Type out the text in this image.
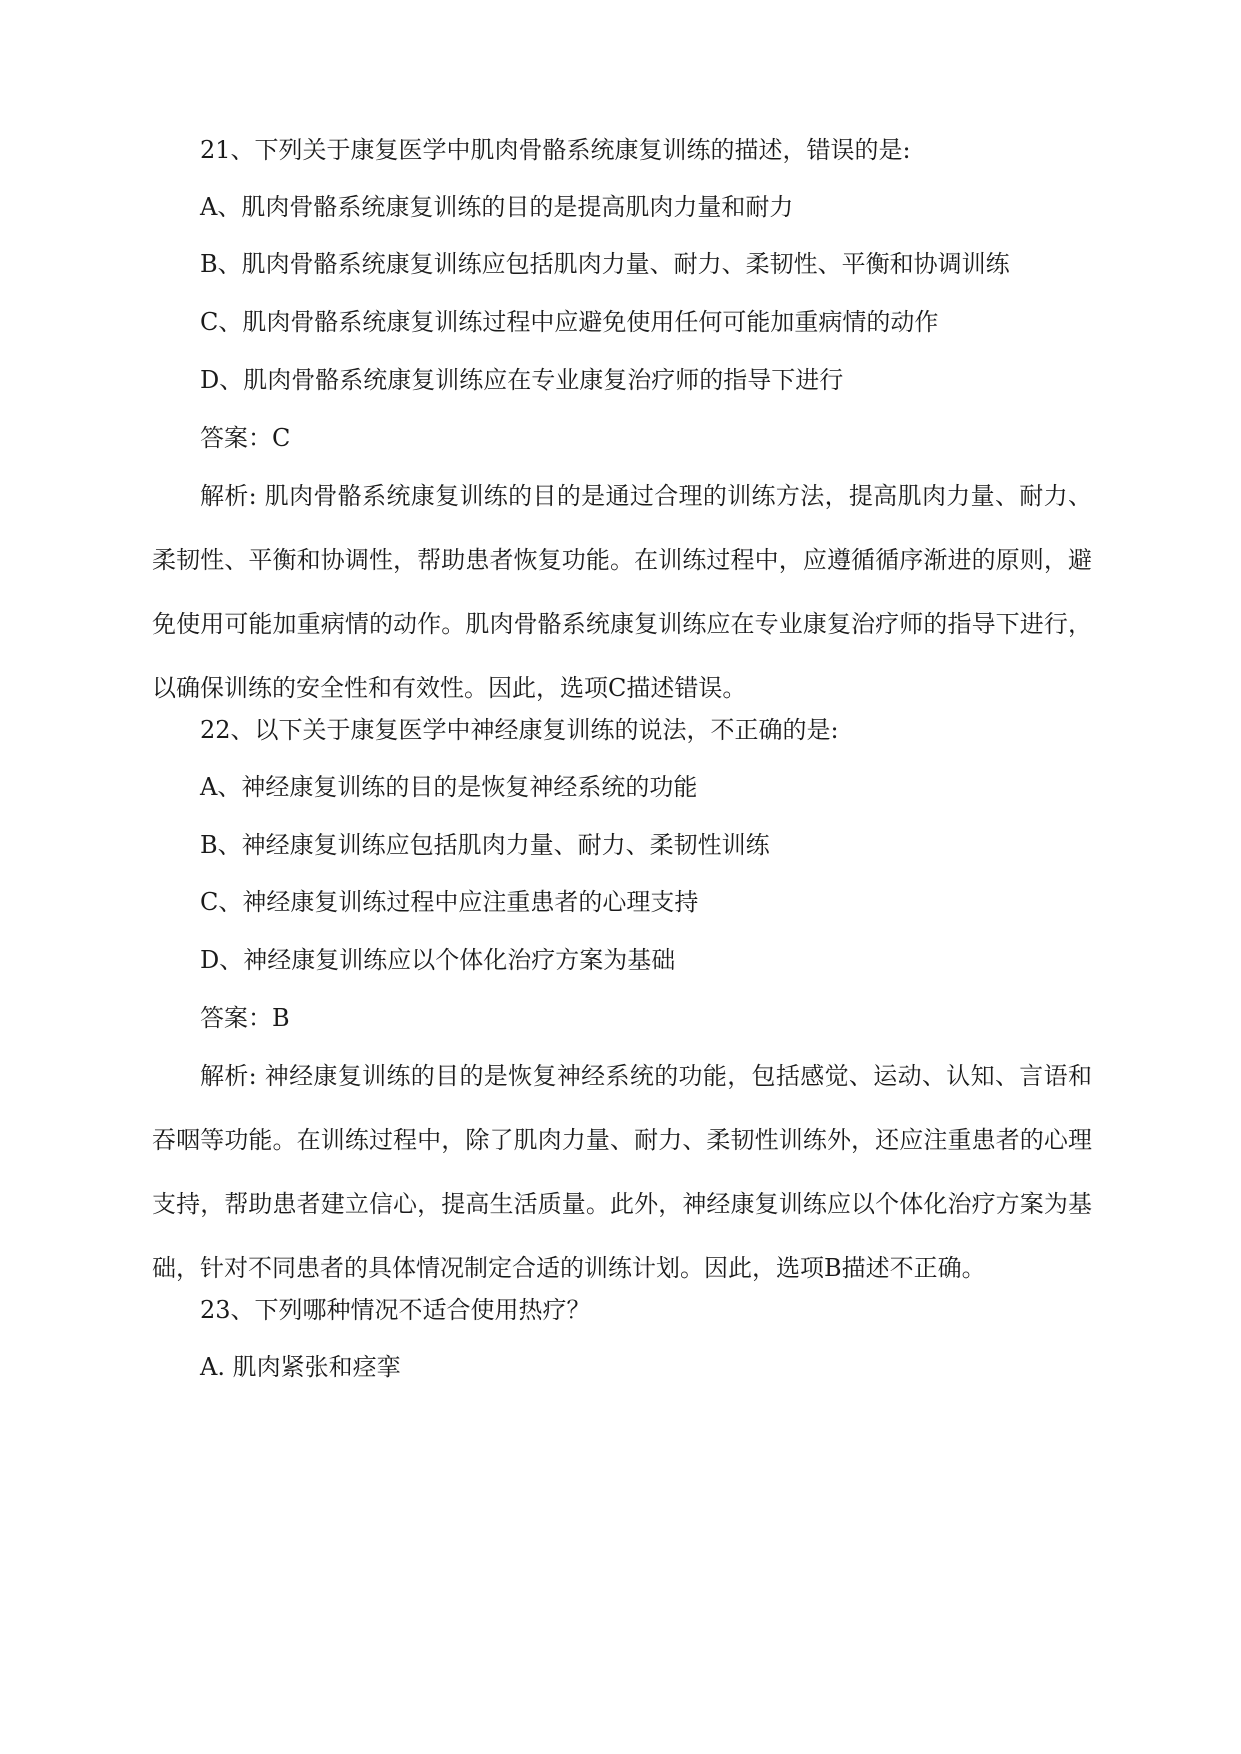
21、下列关于康复医学中肌肉骨骼系统康复训练的描述，错误的是:
A、肌肉骨骼系统康复训练的目的是提高肌肉力量和耐力
B、肌肉骨骼系统康复训练应包括肌肉力量、耐力、柔韧性、平衡和协调训练
C、肌肉骨骼系统康复训练过程中应避免使用任何可能加重病情的动作
D、肌肉骨骼系统康复训练应在专业康复治疗师的指导下进行
答案：C
解析: 肌肉骨骼系统康复训练的目的是通过合理的训练方法，提高肌肉力量、耐力、柔韧性、平衡和协调性，帮助患者恢复功能。在训练过程中，应遵循循序渐进的原则，避免使用可能加重病情的动作。肌肉骨骼系统康复训练应在专业康复治疗师的指导下进行，以确保训练的安全性和有效性。因此，选项C描述错误。
22、以下关于康复医学中神经康复训练的说法，不正确的是:
A、神经康复训练的目的是恢复神经系统的功能
B、神经康复训练应包括肌肉力量、耐力、柔韧性训练
C、神经康复训练过程中应注重患者的心理支持
D、神经康复训练应以个体化治疗方案为基础
答案：B
解析: 神经康复训练的目的是恢复神经系统的功能，包括感觉、运动、认知、言语和吞咽等功能。在训练过程中，除了肌肉力量、耐力、柔韧性训练外，还应注重患者的心理支持，帮助患者建立信心，提高生活质量。此外，神经康复训练应以个体化治疗方案为基础，针对不同患者的具体情况制定合适的训练计划。因此，选项B描述不正确。
23、下列哪种情况不适合使用热疗？
A. 肌肉紧张和痉挛
